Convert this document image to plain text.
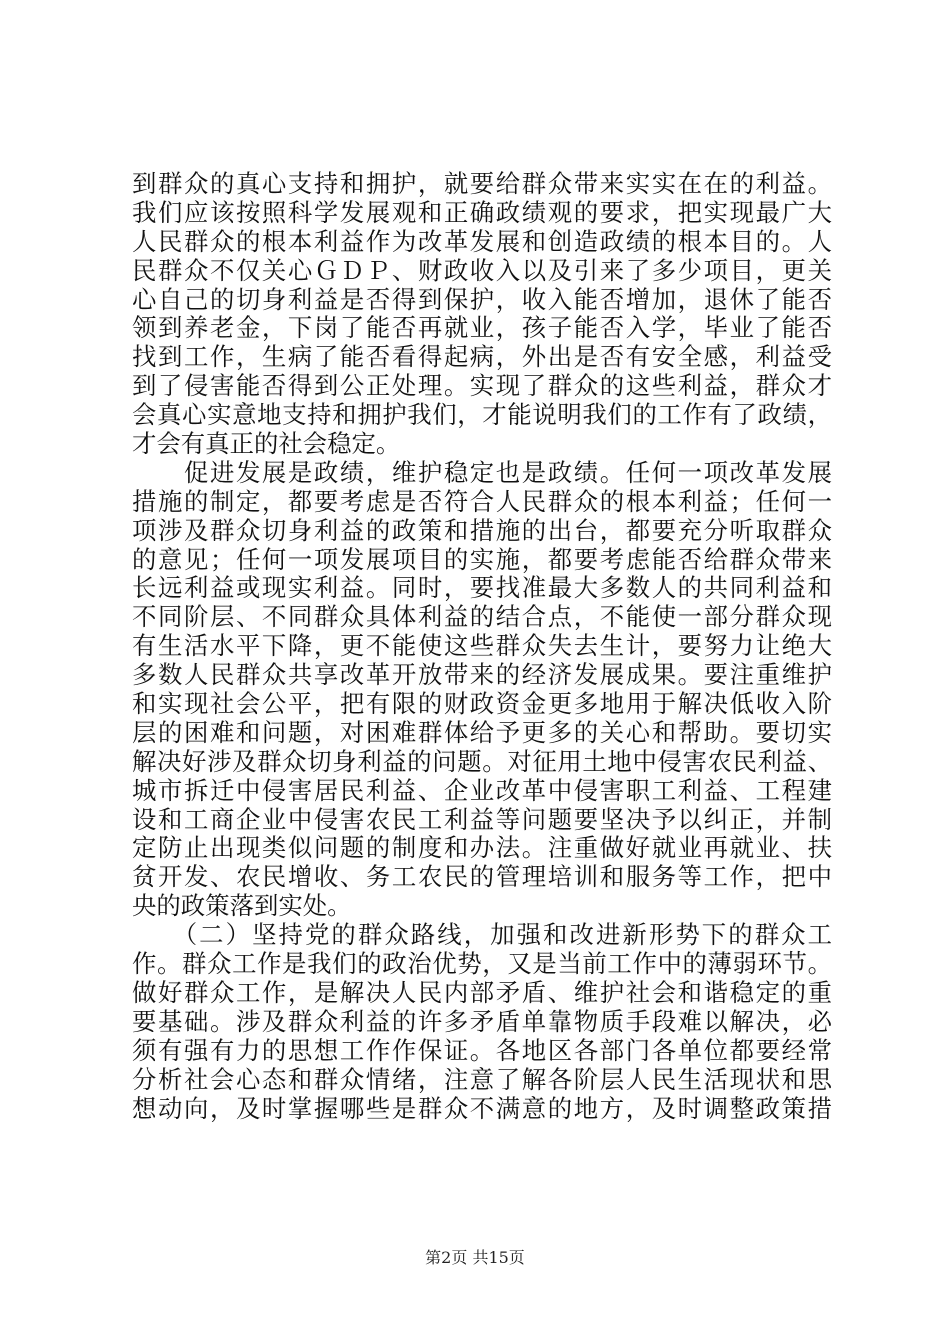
到群众的真心支持和拥护，就要给群众带来实实在在的利益。
我们应该按照科学发展观和正确政绩观的要求，把实现最广大
人民群众的根本利益作为改革发展和创造政绩的根本目的。人
民群众不仅关心ＧＤＰ、财政收入以及引来了多少项目，更关
心自己的切身利益是否得到保护，收入能否增加，退休了能否
领到养老金，下岗了能否再就业，孩子能否入学，毕业了能否
找到工作，生病了能否看得起病，外出是否有安全感，利益受
到了侵害能否得到公正处理。实现了群众的这些利益，群众才
会真心实意地支持和拥护我们，才能说明我们的工作有了政绩，
才会有真正的社会稳定。
　　促进发展是政绩，维护稳定也是政绩。任何一项改革发展
措施的制定，都要考虑是否符合人民群众的根本利益；任何一
项涉及群众切身利益的政策和措施的出台，都要充分听取群众
的意见；任何一项发展项目的实施，都要考虑能否给群众带来
长远利益或现实利益。同时，要找准最大多数人的共同利益和
不同阶层、不同群众具体利益的结合点，不能使一部分群众现
有生活水平下降，更不能使这些群众失去生计，要努力让绝大
多数人民群众共享改革开放带来的经济发展成果。要注重维护
和实现社会公平，把有限的财政资金更多地用于解决低收入阶
层的困难和问题，对困难群体给予更多的关心和帮助。要切实
解决好涉及群众切身利益的问题。对征用土地中侵害农民利益、
城市拆迁中侵害居民利益、企业改革中侵害职工利益、工程建
设和工商企业中侵害农民工利益等问题要坚决予以纠正，并制
定防止出现类似问题的制度和办法。注重做好就业再就业、扶
贫开发、农民增收、务工农民的管理培训和服务等工作，把中
央的政策落到实处。
　　（二）坚持党的群众路线，加强和改进新形势下的群众工
作。群众工作是我们的政治优势，又是当前工作中的薄弱环节。
做好群众工作，是解决人民内部矛盾、维护社会和谐稳定的重
要基础。涉及群众利益的许多矛盾单靠物质手段难以解决，必
须有强有力的思想工作作保证。各地区各部门各单位都要经常
分析社会心态和群众情绪，注意了解各阶层人民生活现状和思
想动向，及时掌握哪些是群众不满意的地方，及时调整政策措
第2页 共15页
